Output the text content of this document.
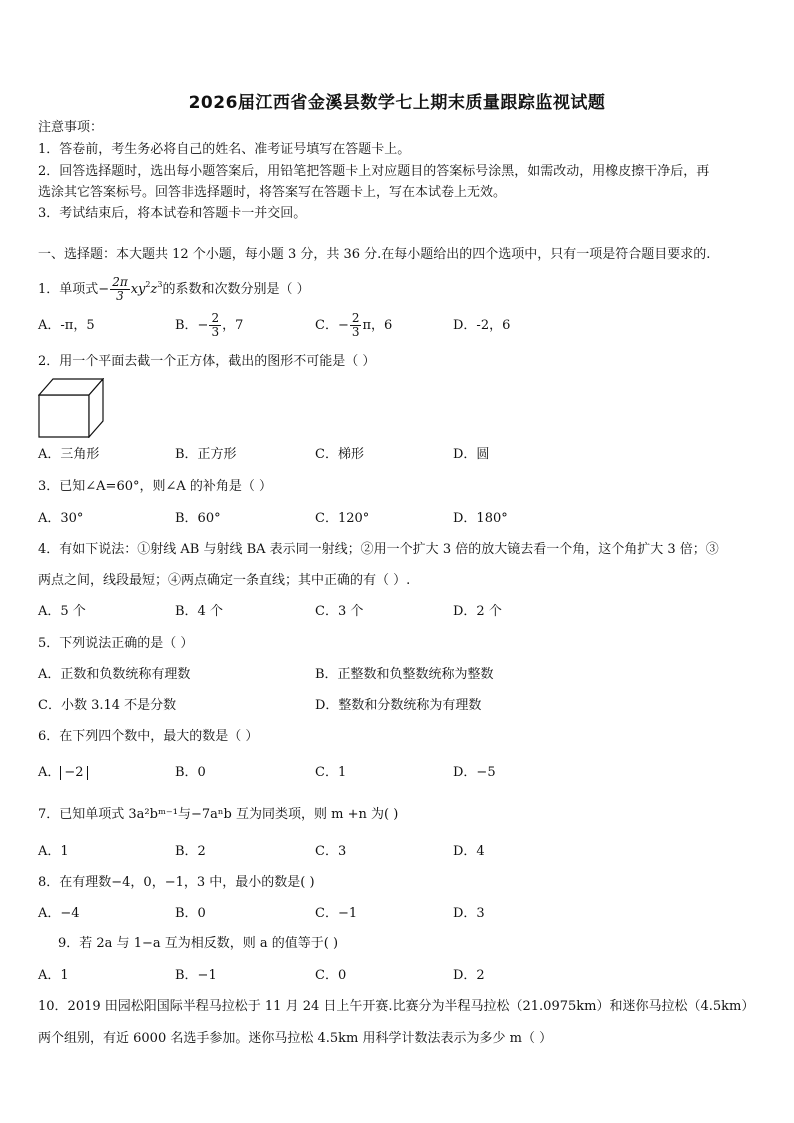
2026届江西省金溪县数学七上期末质量跟踪监视试题
注意事项：
1．答卷前，考生务必将自己的姓名、准考证号填写在答题卡上。
2．回答选择题时，选出每小题答案后，用铅笔把答题卡上对应题目的答案标号涂黑，如需改动，用橡皮擦干净后，再
选涂其它答案标号。回答非选择题时，将答案写在答题卡上，写在本试卷上无效。
3．考试结束后，将本试卷和答题卡一并交回。
一、选择题：本大题共 12 个小题，每小题 3 分，共 36 分.在每小题给出的四个选项中，只有一项是符合题目要求的.
1．单项式− $\frac{2\pi}{3} xy^2z^3$的系数和次数分别是（ ）
A．-π，5	B．− $\frac{2}{3}$ ，7	C．− $\frac{2}{3}$ π，6	D．-2，6
2．用一个平面去截一个正方体，截出的图形不可能是（ ）
A．三角形	B．正方形	C．梯形	D．圆
3．已知∠A=60°，则∠A 的补角是（ ）
A．30°	B．60°	C．120°	D．180°
4．有如下说法：①射线 AB 与射线 BA 表示同一射线；②用一个扩大 3 倍的放大镜去看一个角，这个角扩大 3 倍；③
两点之间，线段最短；④两点确定一条直线；其中正确的有（ ）.
A．5 个	B．4 个	C．3 个	D．2 个
5．下列说法正确的是（ ）
A．正数和负数统称有理数	B．正整数和负整数统称为整数
C．小数 3.14 不是分数	D．整数和分数统称为有理数
6．在下列四个数中，最大的数是（ ）
A． −2	B．0	C．1	D．−5
7．已知单项式 3a²bᵐ⁻¹与−7aⁿb 互为同类项，则 m +n 为( )
A．1	B．2	C．3	D．4
8．在有理数−4，0，−1，3 中，最小的数是( )
A．−4	B．0	C．−1	D．3
9．若 2a 与 1−a 互为相反数，则 a 的值等于( )
A．1	B．−1	C．0	D．2
10．2019 田园松阳国际半程马拉松于 11 月 24 日上午开赛.比赛分为半程马拉松（21.0975km）和迷你马拉松（4.5km）
两个组别，有近 6000 名选手参加。迷你马拉松 4.5km 用科学计数法表示为多少 m（ ）
